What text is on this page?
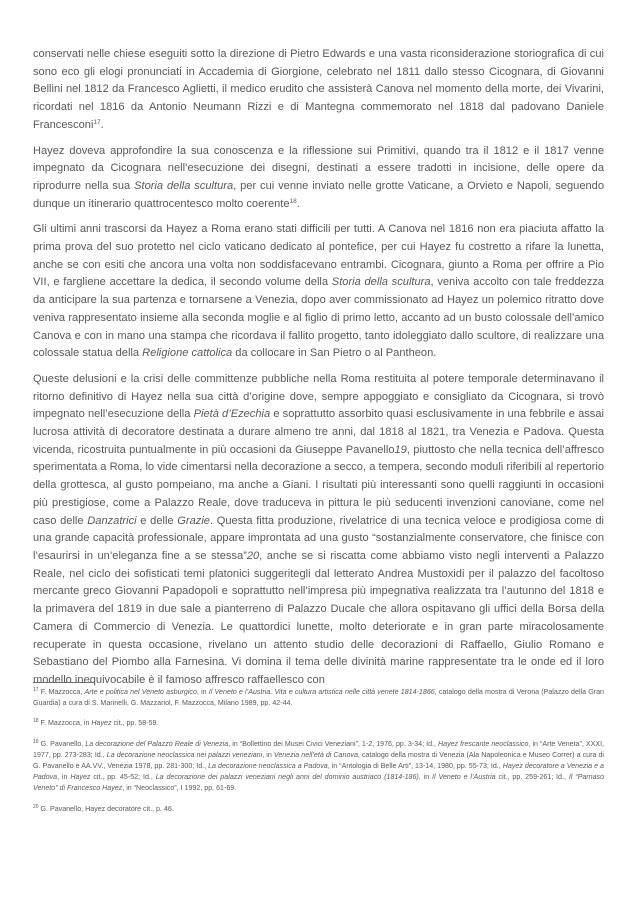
conservati nelle chiese eseguiti sotto la direzione di Pietro Edwards e una vasta riconsiderazione storiografica di cui sono eco gli elogi pronunciati in Accademia di Giorgione, celebrato nel 1811 dallo stesso Cicognara, di Giovanni Bellini nel 1812 da Francesco Aglietti, il medico erudito che assisterà Canova nel momento della morte, dei Vivarini, ricordati nel 1816 da Antonio Neumann Rizzi e di Mantegna commemorato nel 1818 dal padovano Daniele Francesconi$^{17}$.

Hayez doveva approfondire la sua conoscenza e la riflessione sui Primitivi, quando tra il 1812 e il 1817 venne impegnato da Cicognara nell’esecuzione dei disegni, destinati a essere tradotti in incisione, delle opere da riprodurre nella sua Storia della scultura, per cui venne inviato nelle grotte Vaticane, a Orvieto e Napoli, seguendo dunque un itinerario quattrocentesco molto coerente$^{18}$.

Gli ultimi anni trascorsi da Hayez a Roma erano stati difficili per tutti. A Canova nel 1816 non era piaciuta affatto la prima prova del suo protetto nel ciclo vaticano dedicato al pontefice, per cui Hayez fu costretto a rifare la lunetta, anche se con esiti che ancora una volta non soddisfacevano entrambi. Cicognara, giunto a Roma per offrire a Pio VII, e fargliene accettare la dedica, il secondo volume della Storia della scultura, veniva accolto con tale freddezza da anticipare la sua partenza e tornarsene a Venezia, dopo aver commissionato ad Hayez un polemico ritratto dove veniva rappresentato insieme alla seconda moglie e al figlio di primo letto, accanto ad un busto colossale dell’amico Canova e con in mano una stampa che ricordava il fallito progetto, tanto idoleggiato dallo scultore, di realizzare una colossale statua della Religione cattolica da collocare in San Pietro o al Pantheon.

Queste delusioni e la crisi delle committenze pubbliche nella Roma restituita al potere temporale determinavano il ritorno definitivo di Hayez nella sua città d’origine dove, sempre appoggiato e consigliato da Cicognara, si trovò impegnato nell’esecuzione della Pietà d’Ezechia e soprattutto assorbito quasi esclusivamente in una febbrile e assai lucrosa attività di decoratore destinata a durare almeno tre anni, dal 1818 al 1821, tra Venezia e Padova. Questa vicenda, ricostruita puntualmente in più occasioni da Giuseppe Pavanello19, piuttosto che nella tecnica dell’affresco sperimentata a Roma, lo vide cimentarsi nella decorazione a secco, a tempera, secondo moduli riferibili al repertorio della grottesca, al gusto pompeiano, ma anche a Giani. I risultati più interessanti sono quelli raggiunti in occasioni più prestigiose, come a Palazzo Reale, dove traduceva in pittura le più seducenti invenzioni canoviane, come nel caso delle Danzatrici e delle Grazie. Questa fitta produzione, rivelatrice di una tecnica veloce e prodigiosa come di una grande capacità professionale, appare improntata ad una gusto “sostanzialmente conservatore, che finisce con l’esaurirsi in un’eleganza fine a se stessa”20, anche se si riscatta come abbiamo visto negli interventi a Palazzo Reale, nel ciclo dei sofisticati temi platonici suggeritegli dal letterato Andrea Mustoxidi per il palazzo del facoltoso mercante greco Giovanni Papadopoli e soprattutto nell’impresa più impegnativa realizzata tra l’autunno del 1818 e la primavera del 1819 in due sale a pianterreno di Palazzo Ducale che allora ospitavano gli uffici della Borsa della Camera di Commercio di Venezia. Le quattordici lunette, molto deteriorate e in gran parte miracolosamente recuperate in questa occasione, rivelano un attento studio delle decorazioni di Raffaello, Giulio Romano e Sebastiano del Piombo alla Farnesina. Vi domina il tema delle divinità marine rappresentate tra le onde ed il loro modello inequivocabile è il famoso affresco raffaellesco con

$^{17}$ F. Mazzocca, Arte e politica nel Veneto asburgico, in Il Veneto e l’Austria. Vita e cultura artistica nelle città venete 1814-1866, catalogo della mostra di Verona (Palazzo della Gran Guardia) a cura di S. Marinelli, G. Mazzariol, F. Mazzocca, Milano 1989, pp. 42-44.

$^{18}$ F. Mazzocca, in Hayez cit., pp. 58-59.

$^{19}$ G. Pavanello, La decorazione del Palazzo Reale di Venezia, in “Bollettino dei Musei Civici Veneziani”, 1-2, 1976, pp. 3-34; Id., Hayez frescante neoclassico, in “Arte Veneta”, XXXI, 1977, pp. 273-283; Id., La decorazione neoclassica nei palazzi veneziani, in Venezia nell’età di Canova, catalogo della mostra di Venezia (Ala Napoleonica e Museo Correr) a cura di G. Pavanello e AA.VV., Venezia 1978, pp. 281-300; Id., La decorazione neoclassica a Padova, in “Antologia di Belle Arti”, 13-14, 1980, pp. 55-73; Id., Hayez decoratore a Venezia e a Padova, in Hayez cit., pp. 45-52; Id., La decorazione dei palazzi veneziani negli anni del dominio austriaco (1814-186), in Il Veneto e l’Austria cit., pp. 259-261; Id., Il “Parnaso Veneto” di Francesco Hayez, in “Neoclassico”, I 1992, pp. 61-69.

$^{20}$ G. Pavanello, Hayez decoratore cit., p. 46.
